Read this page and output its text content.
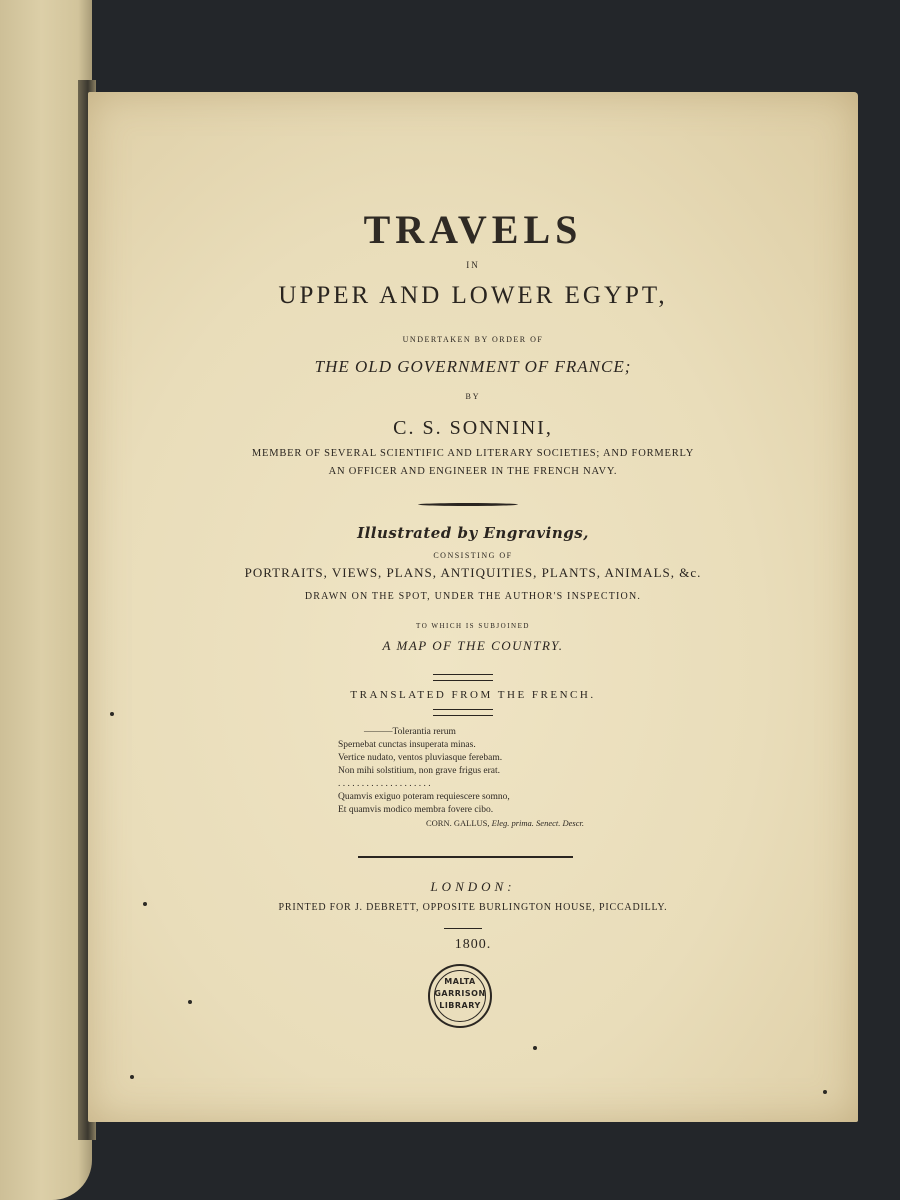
TRAVELS
IN
UPPER AND LOWER EGYPT,
UNDERTAKEN BY ORDER OF
THE OLD GOVERNMENT OF FRANCE;
BY
C. S. SONNINI,
MEMBER OF SEVERAL SCIENTIFIC AND LITERARY SOCIETIES; AND FORMERLY
AN OFFICER AND ENGINEER IN THE FRENCH NAVY.
Illustrated by Engravings,
CONSISTING OF
PORTRAITS, VIEWS, PLANS, ANTIQUITIES, PLANTS, ANIMALS, &c.
DRAWN ON THE SPOT, UNDER THE AUTHOR'S INSPECTION.
TO WHICH IS SUBJOINED
A MAP OF THE COUNTRY.
TRANSLATED FROM THE FRENCH.
———Tolerantia rerum
Spernebat cunctas insuperata minas.
Vertice nudato, ventos pluviasque ferebam.
Non mihi solstitium, non grave frigus erat.
. . . . . . . . . . . . . . . . . . . .
Quamvis exiguo poteram requiescere somno,
Et quamvis modico membra fovere cibo.
CORN. GALLUS, Eleg. prima. Senect. Descr.
LONDON:
PRINTED FOR J. DEBRETT, OPPOSITE BURLINGTON HOUSE, PICCADILLY.
1800.
MALTA
GARRISON
LIBRARY
